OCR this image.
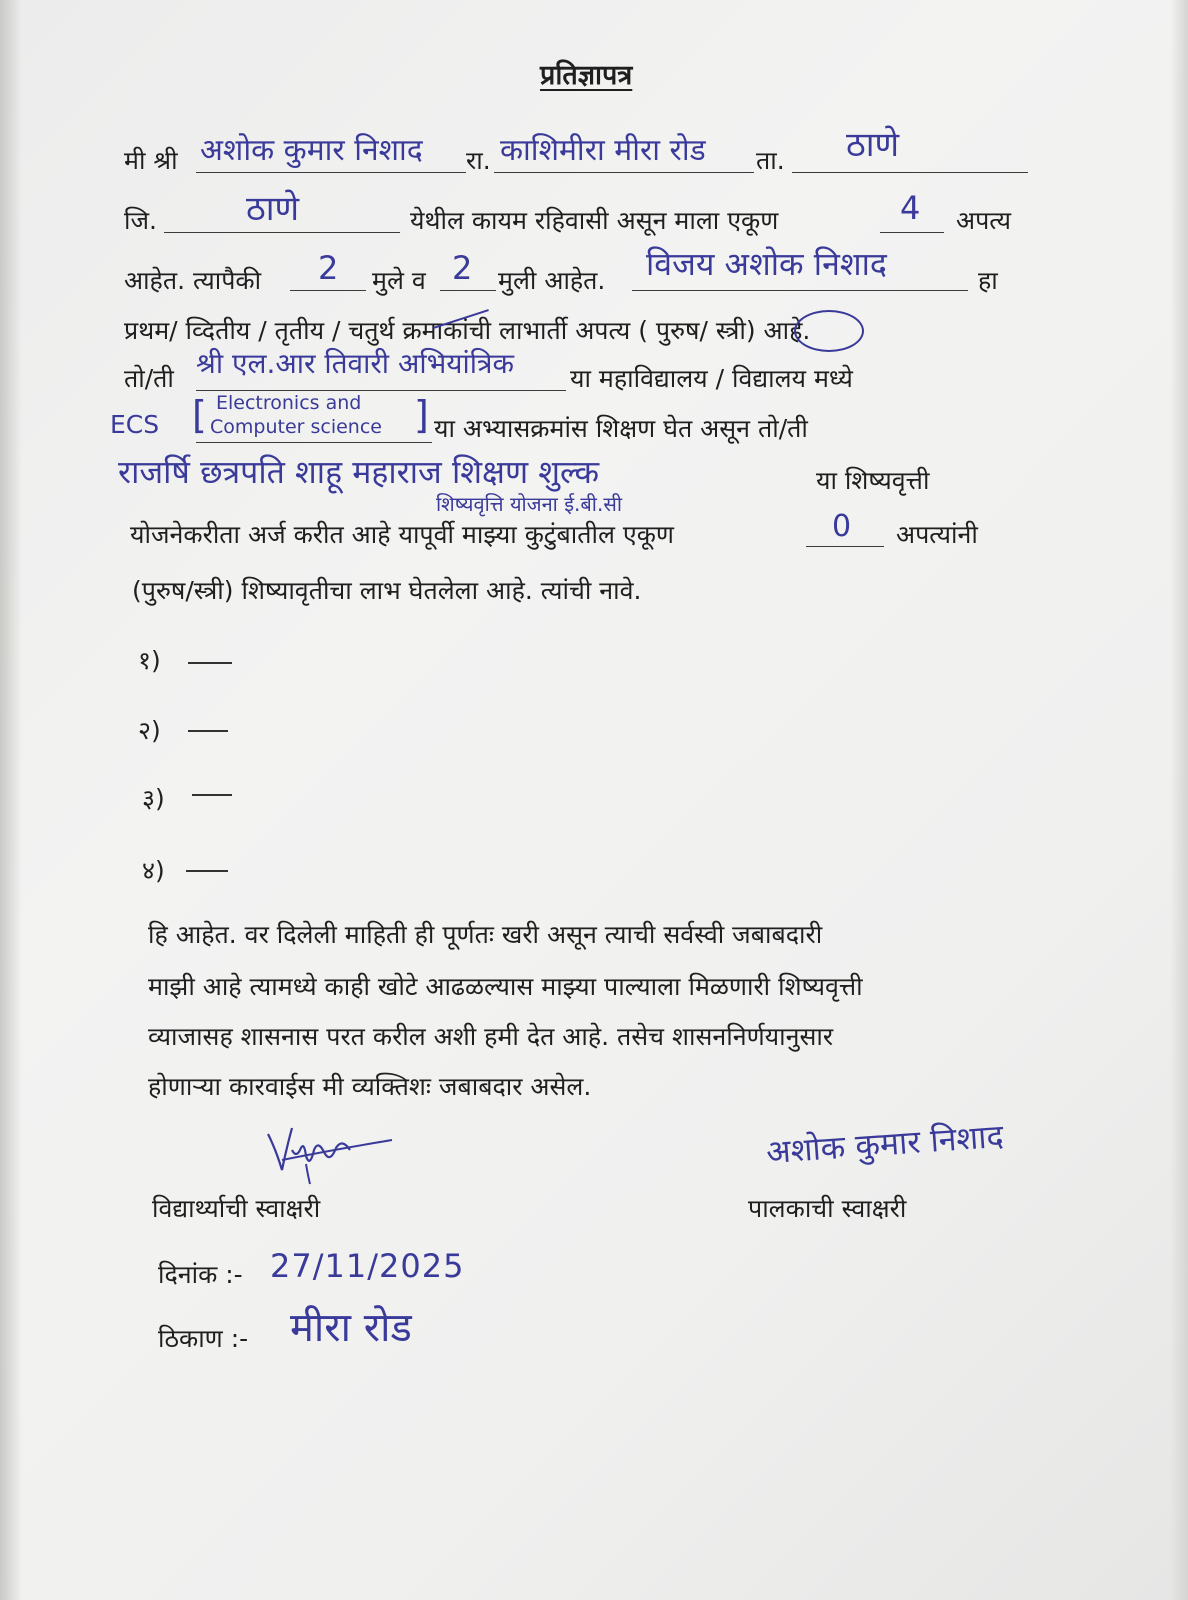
प्रतिज्ञापत्र
मी श्री अशोक कुमार निशाद रा. काशिमीरा मीरा रोड ता. ठाणे
जि.	ठाणे	येथील कायम रहिवासी असून माला एकूण	4 अपत्य
आहेत. त्यापैकी 2 मुले व 2 मुली आहेत. विजय अशोक निशाद	हा
प्रथम/ व्दितीय / तृतीय / चतुर्थ क्रमाकांची लाभार्ती अपत्य ( पुरुष/ स्त्री) आहे.
तो/ती श्री एल.आर तिवारी अभियांत्रिक या महाविद्यालय / विद्यालय मध्ये
ECS [ Electronics and
Computer science ] या अभ्यासक्रमांस शिक्षण घेत असून तो/ती
राजर्षि छत्रपति शाहू महाराज शिक्षण शुल्क
शिष्यवृत्ति योजना ई.बी.सी
या शिष्यवृत्ती
योजनेकरीता अर्ज करीत आहे यापूर्वी माझ्या कुटुंबातील एकूण	0 अपत्यांनी
(पुरुष/स्त्री) शिष्यावृतीचा लाभ घेतलेला आहे. त्यांची नावे.
१)
२)
३)
४)
हि आहेत. वर दिलेली माहिती ही पूर्णतः खरी असून त्याची सर्वस्वी जबाबदारी
माझी आहे त्यामध्ये काही खोटे आढळल्यास माझ्या पाल्याला मिळणारी शिष्यवृत्ती
व्याजासह शासनास परत करील अशी हमी देत आहे. तसेच शासननिर्णयानुसार
होणाऱ्या कारवाईस मी व्यक्तिशः जबाबदार असेल.
विद्यार्थ्याची स्वाक्षरी
अशोक कुमार निशाद
पालकाची स्वाक्षरी
दिनांक :- 27/11/2025
ठिकाण :- मीरा रोड
